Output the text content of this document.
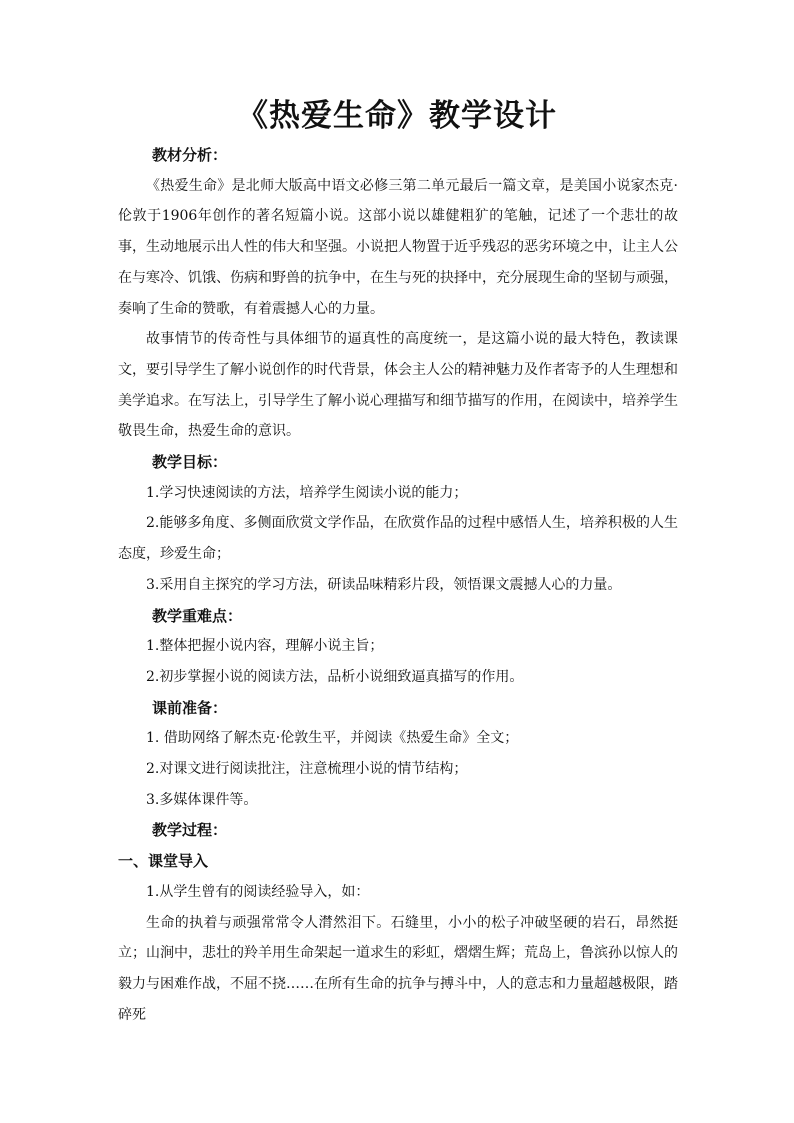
《热爱生命》教学设计
教材分析：

《热爱生命》是北师大版高中语文必修三第二单元最后一篇文章，是美国小说家杰克·伦敦于1906年创作的著名短篇小说。这部小说以雄健粗犷的笔触，记述了一个悲壮的故事，生动地展示出人性的伟大和坚强。小说把人物置于近乎残忍的恶劣环境之中，让主人公在与寒冷、饥饿、伤病和野兽的抗争中，在生与死的抉择中，充分展现生命的坚韧与顽强，奏响了生命的赞歌，有着震撼人心的力量。

故事情节的传奇性与具体细节的逼真性的高度统一，是这篇小说的最大特色，教读课文，要引导学生了解小说创作的时代背景，体会主人公的精神魅力及作者寄予的人生理想和美学追求。在写法上，引导学生了解小说心理描写和细节描写的作用，在阅读中，培养学生敬畏生命，热爱生命的意识。

教学目标：

1.学习快速阅读的方法，培养学生阅读小说的能力；

2.能够多角度、多侧面欣赏文学作品，在欣赏作品的过程中感悟人生，培养积极的人生态度，珍爱生命；

3.采用自主探究的学习方法，研读品味精彩片段，领悟课文震撼人心的力量。

教学重难点：

1.整体把握小说内容，理解小说主旨；

2.初步掌握小说的阅读方法，品析小说细致逼真描写的作用。

课前准备：

1. 借助网络了解杰克·伦敦生平，并阅读《热爱生命》全文；

2.对课文进行阅读批注，注意梳理小说的情节结构；

3.多媒体课件等。

教学过程：
一、课堂导入

1.从学生曾有的阅读经验导入，如：

生命的执着与顽强常常令人潸然泪下。石缝里，小小的松子冲破坚硬的岩石，昂然挺立；山涧中，悲壮的羚羊用生命架起一道求生的彩虹，熠熠生辉；荒岛上，鲁滨孙以惊人的毅力与困难作战，不屈不挠……在所有生命的抗争与搏斗中，人的意志和力量超越极限，踏碎死
